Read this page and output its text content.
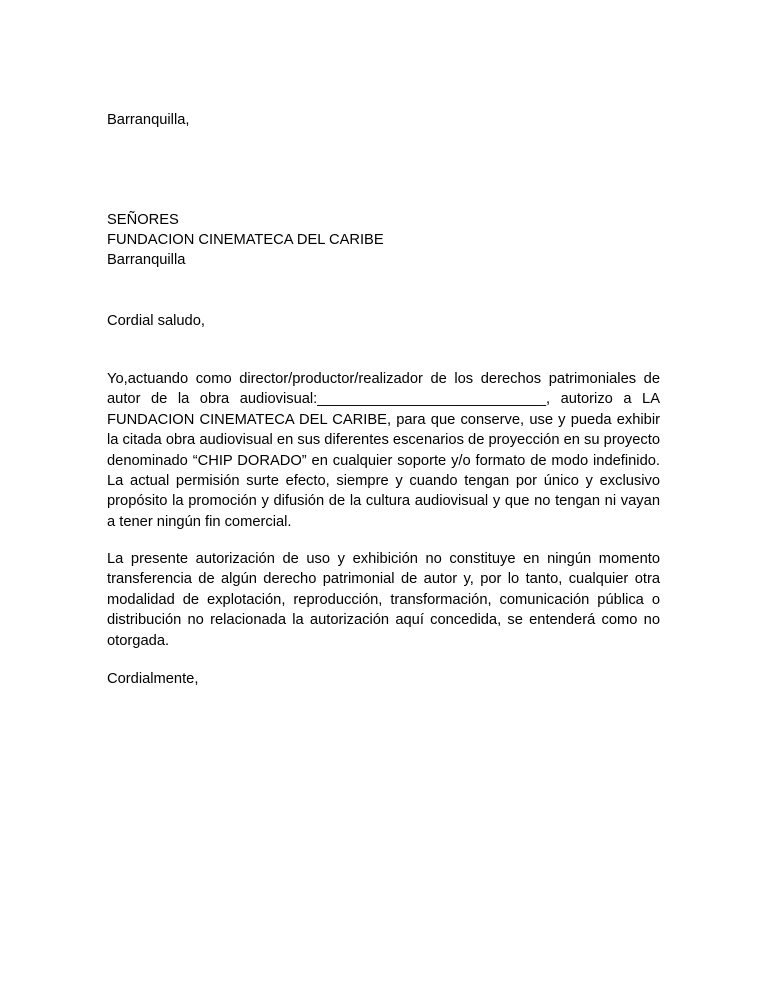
Barranquilla,
SEÑORES
FUNDACION CINEMATECA DEL CARIBE
Barranquilla
Cordial saludo,

Yo,actuando como director/productor/realizador de los derechos patrimoniales de autor de la obra audiovisual:____________________________, autorizo a LA FUNDACION CINEMATECA DEL CARIBE, para que conserve, use y pueda exhibir la citada obra audiovisual en sus diferentes escenarios de proyección en su proyecto denominado “CHIP DORADO” en cualquier soporte y/o formato de modo indefinido. La actual permisión surte efecto, siempre y cuando tengan por único y exclusivo propósito la promoción y difusión de la cultura audiovisual y que no tengan ni vayan a tener ningún fin comercial.

La presente autorización de uso y exhibición no constituye en ningún momento transferencia de algún derecho patrimonial de autor y, por lo tanto, cualquier otra modalidad de explotación, reproducción, transformación, comunicación pública o distribución no relacionada la autorización aquí concedida, se entenderá como no otorgada.

Cordialmente,
